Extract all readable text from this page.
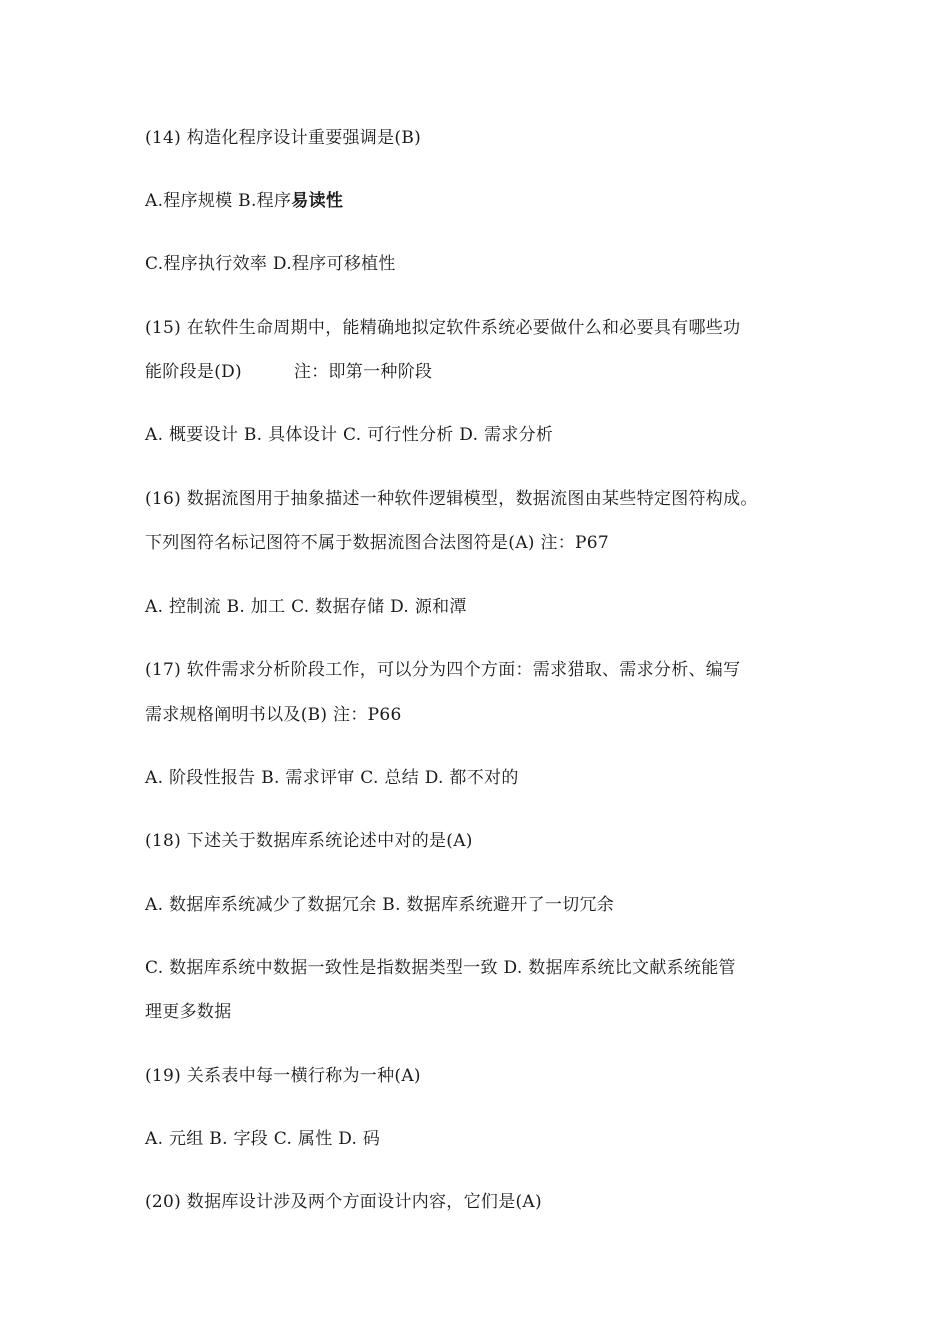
(14) 构造化程序设计重要强调是(B)
A.程序规模 B.程序易读性
C.程序执行效率 D.程序可移植性
(15) 在软件生命周期中，能精确地拟定软件系统必要做什么和必要具有哪些功
能阶段是(D)　　　注：即第一种阶段
A. 概要设计 B. 具体设计 C. 可行性分析 D. 需求分析
(16) 数据流图用于抽象描述一种软件逻辑模型，数据流图由某些特定图符构成。
下列图符名标记图符不属于数据流图合法图符是(A) 注：P67
A. 控制流 B. 加工 C. 数据存储 D. 源和潭
(17) 软件需求分析阶段工作，可以分为四个方面：需求猎取、需求分析、编写
需求规格阐明书以及(B) 注：P66
A. 阶段性报告 B. 需求评审 C. 总结 D. 都不对的
(18) 下述关于数据库系统论述中对的是(A)
A. 数据库系统减少了数据冗余 B. 数据库系统避开了一切冗余
C. 数据库系统中数据一致性是指数据类型一致 D. 数据库系统比文献系统能管
理更多数据
(19) 关系表中每一横行称为一种(A)
A. 元组 B. 字段 C. 属性 D. 码
(20) 数据库设计涉及两个方面设计内容，它们是(A)
